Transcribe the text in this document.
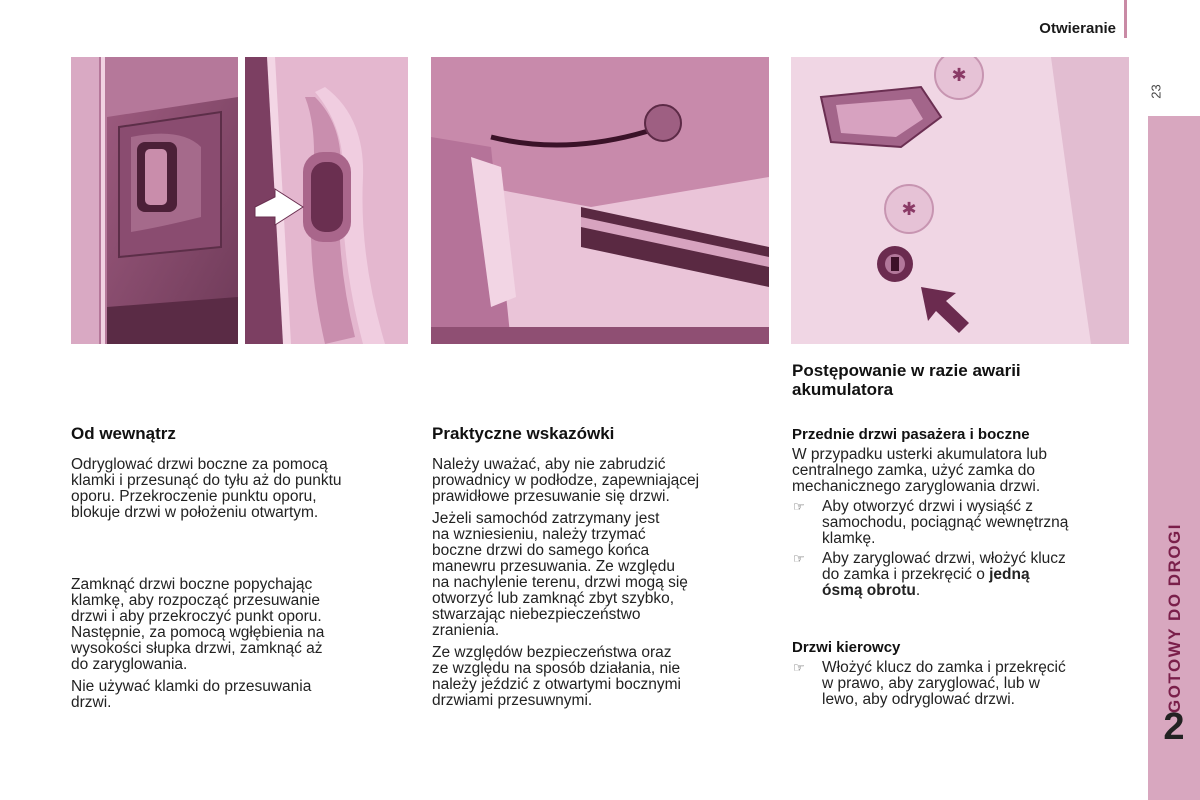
Otwieranie
23
GOTOWY DO DROGI
2
✱
✱
Od wewnątrz

Odryglować drzwi boczne za pomocą
klamki i przesunąć do tyłu aż do punktu
oporu. Przekroczenie punktu oporu,
blokuje drzwi w położeniu otwartym.

Zamknąć drzwi boczne popychając
klamkę, aby rozpocząć przesuwanie
drzwi i aby przekroczyć punkt oporu.
Następnie, za pomocą wgłębienia na
wysokości słupka drzwi, zamknąć aż
do zaryglowania.

Nie używać klamki do przesuwania
drzwi.

Praktyczne wskazówki

Należy uważać, aby nie zabrudzić
prowadnicy w podłodze, zapewniającej
prawidłowe przesuwanie się drzwi.

Jeżeli samochód zatrzymany jest
na wzniesieniu, należy trzymać
boczne drzwi do samego końca
manewru przesuwania. Ze względu
na nachylenie terenu, drzwi mogą się
otworzyć lub zamknąć zbyt szybko,
stwarzając niebezpieczeństwo
zranienia.

Ze względów bezpieczeństwa oraz
ze względu na sposób działania, nie
należy jeździć z otwartymi bocznymi
drzwiami przesuwnymi.

Postępowanie w razie awarii
akumulatora
Przednie drzwi pasażera i boczne

W przypadku usterki akumulatora lub
centralnego zamka, użyć zamka do
mechanicznego zaryglowania drzwi.

☞ Aby otworzyć drzwi i wysiąść z
samochodu, pociągnąć wewnętrzną
klamkę.

☞ Aby zaryglować drzwi, włożyć klucz
do zamka i przekręcić o jedną
ósmą obrotu.

Drzwi kierowcy

☞ Włożyć klucz do zamka i przekręcić
w prawo, aby zaryglować, lub w
lewo, aby odryglować drzwi.
